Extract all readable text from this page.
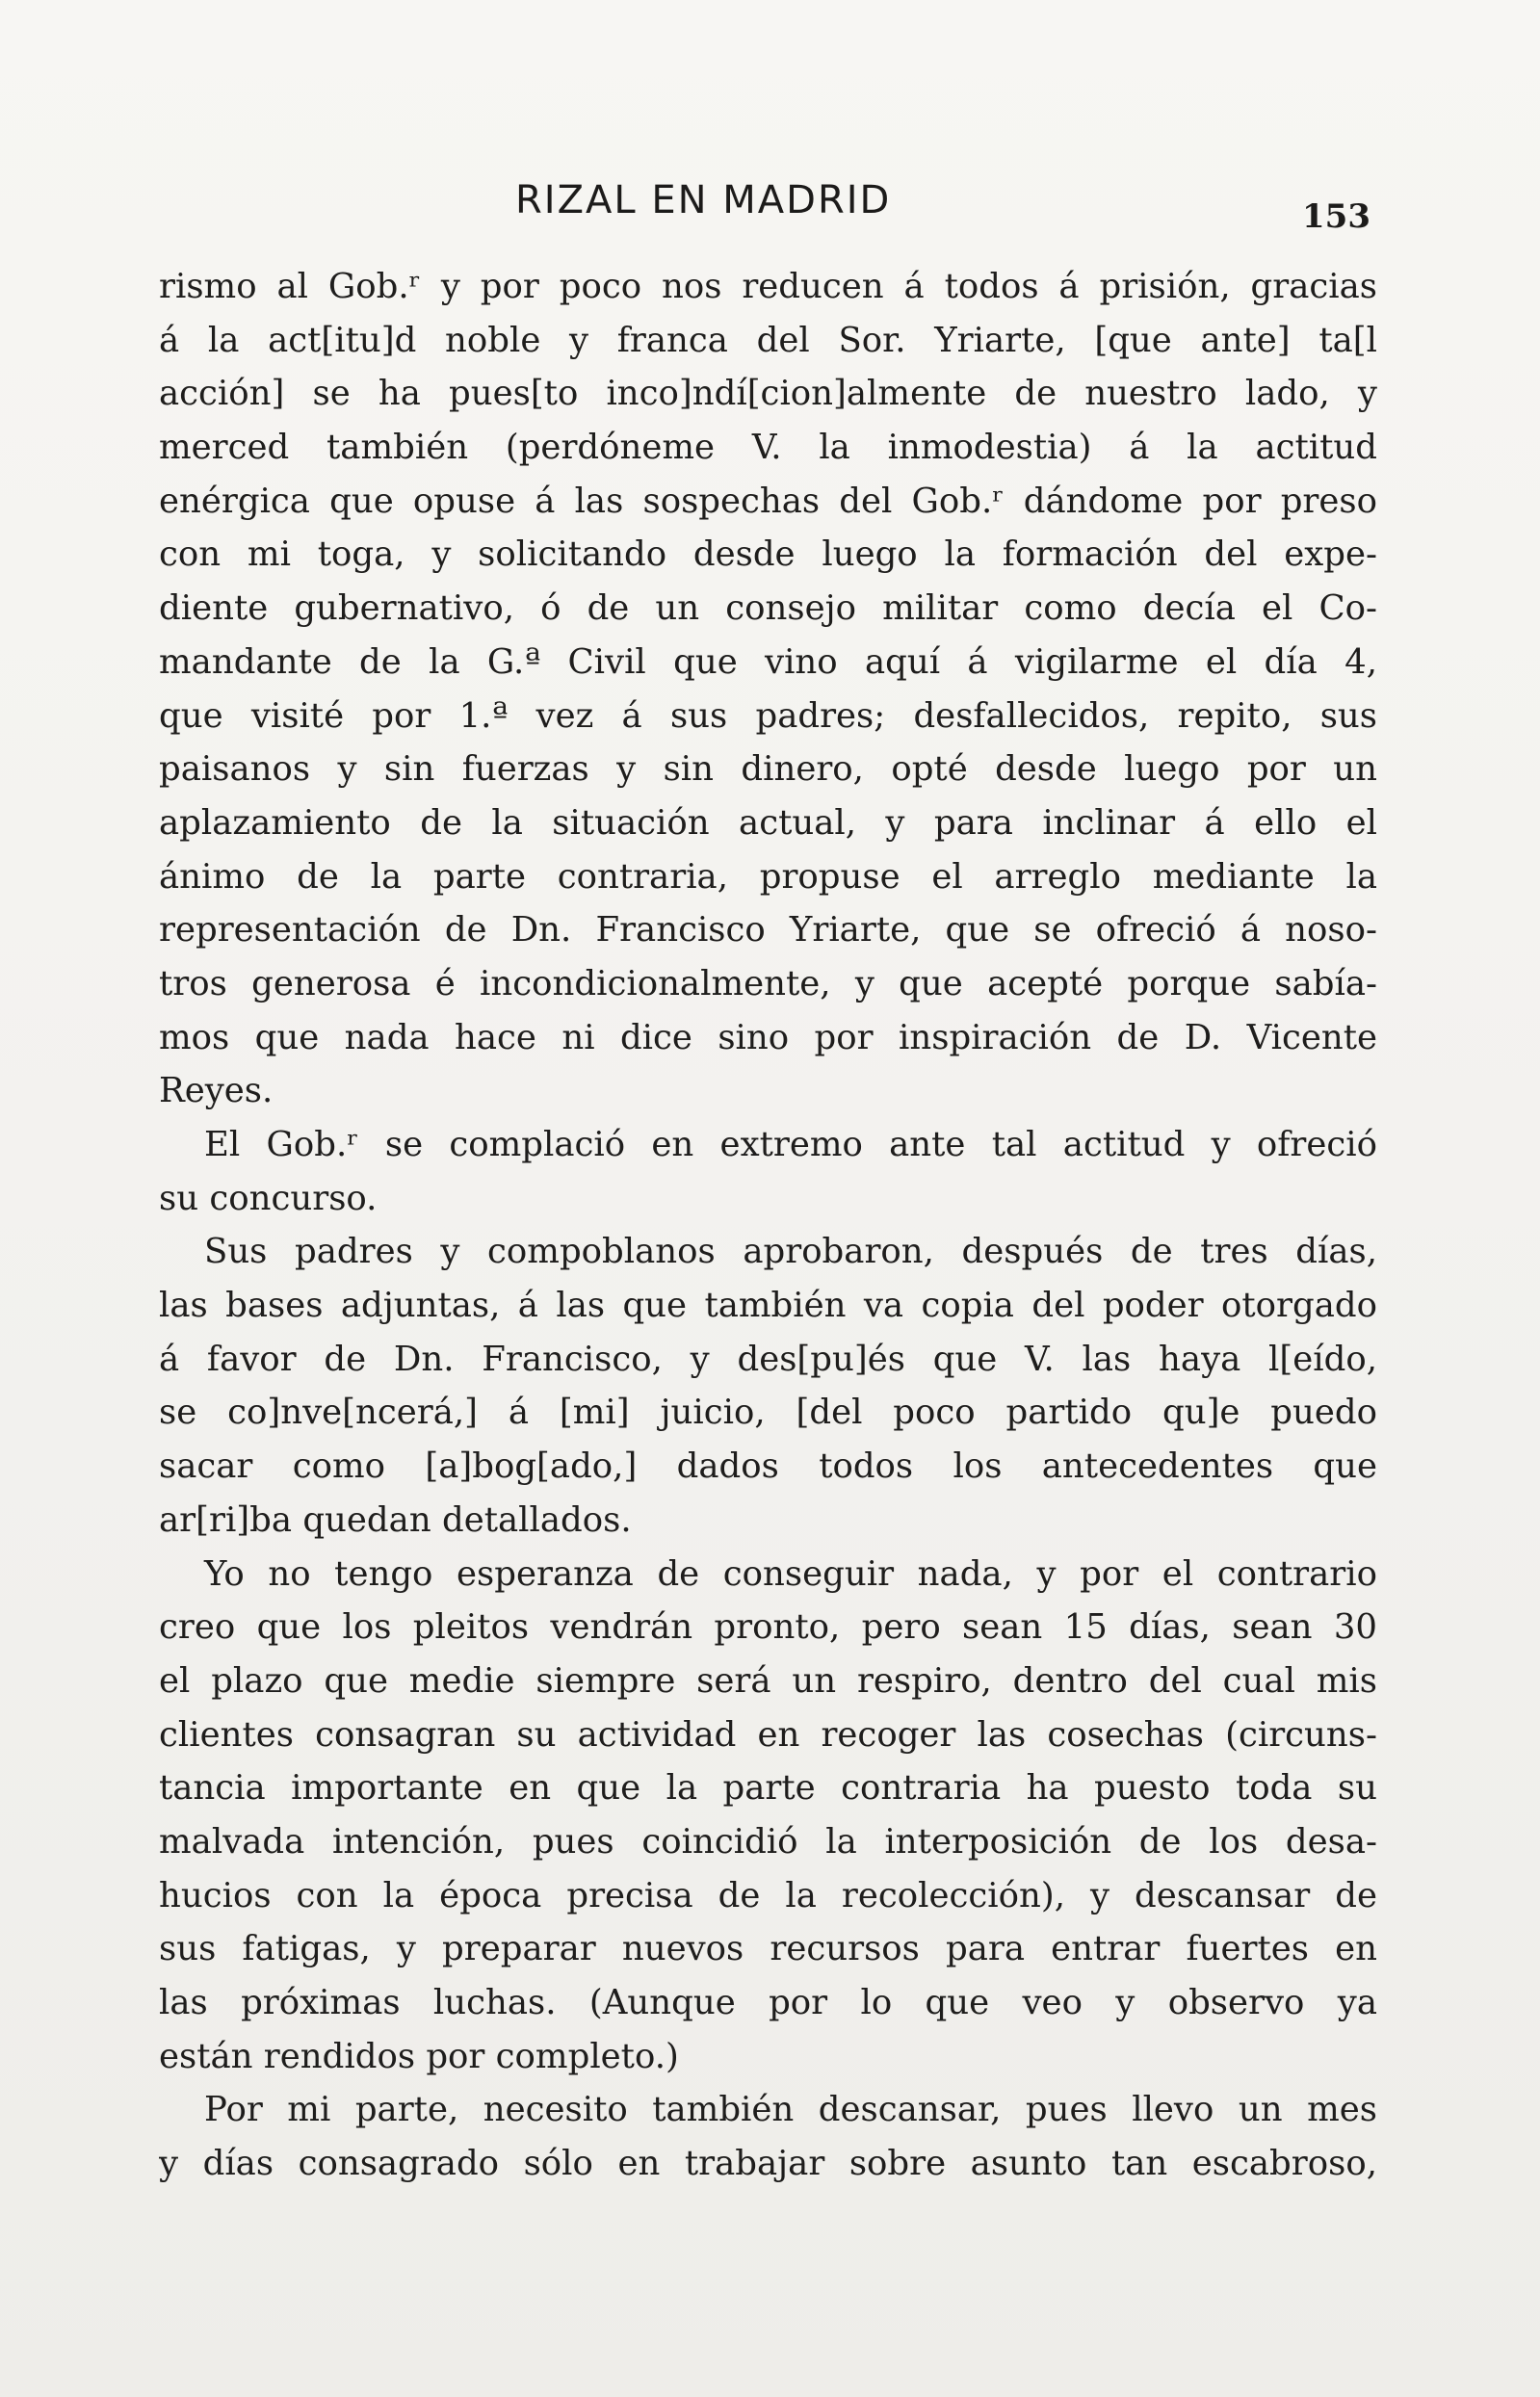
RIZAL EN MADRID	153
rismo al Gob.ʳ y por poco nos reducen á todos á prisión, gracias
á la act[itu]d noble y franca del Sor. Yriarte, [que ante] ta[l
acción] se ha pues[to inco]ndí[cion]almente de nuestro lado, y
merced también (perdóneme V. la inmodestia) á la actitud
enérgica que opuse á las sospechas del Gob.ʳ dándome por preso
con mi toga, y solicitando desde luego la formación del expe-
diente gubernativo, ó de un consejo militar como decía el Co-
mandante de la G.ª Civil que vino aquí á vigilarme el día 4,
que visité por 1.ª vez á sus padres; desfallecidos, repito, sus
paisanos y sin fuerzas y sin dinero, opté desde luego por un
aplazamiento de la situación actual, y para inclinar á ello el
ánimo de la parte contraria, propuse el arreglo mediante la
representación de Dn. Francisco Yriarte, que se ofreció á noso-
tros generosa é incondicionalmente, y que acepté porque sabía-
mos que nada hace ni dice sino por inspiración de D. Vicente
Reyes.
El Gob.ʳ se complació en extremo ante tal actitud y ofreció
su concurso.
Sus padres y compoblanos aprobaron, después de tres días,
las bases adjuntas, á las que también va copia del poder otorgado
á favor de Dn. Francisco, y des[pu]és que V. las haya l[eído,
se co]nve[ncerá,] á [mi] juicio, [del poco partido qu]e puedo
sacar como [a]bog[ado,] dados todos los antecedentes que
ar[ri]ba quedan detallados.
Yo no tengo esperanza de conseguir nada, y por el contrario
creo que los pleitos vendrán pronto, pero sean 15 días, sean 30
el plazo que medie siempre será un respiro, dentro del cual mis
clientes consagran su actividad en recoger las cosechas (circuns-
tancia importante en que la parte contraria ha puesto toda su
malvada intención, pues coincidió la interposición de los desa-
hucios con la época precisa de la recolección), y descansar de
sus fatigas, y preparar nuevos recursos para entrar fuertes en
las próximas luchas. (Aunque por lo que veo y observo ya
están rendidos por completo.)
Por mi parte, necesito también descansar, pues llevo un mes
y días consagrado sólo en trabajar sobre asunto tan escabroso,
